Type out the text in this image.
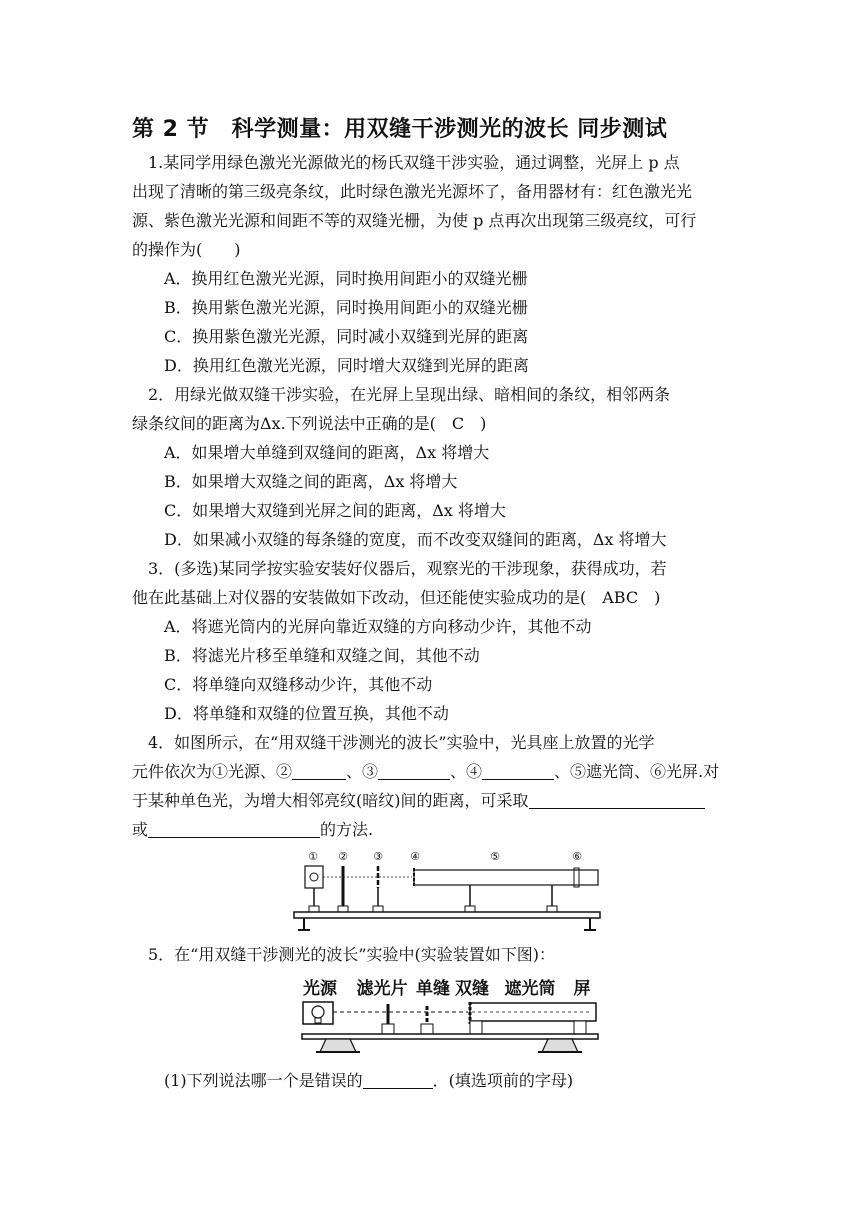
第 2 节　科学测量：用双缝干涉测光的波长 同步测试
1.某同学用绿色激光光源做光的杨氏双缝干涉实验，通过调整，光屏上 p 点
出现了清晰的第三级亮条纹，此时绿色激光光源坏了，备用器材有：红色激光光
源、紫色激光光源和间距不等的双缝光栅，为使 p 点再次出现第三级亮纹，可行
的操作为(　　)
A．换用红色激光光源，同时换用间距小的双缝光栅
B．换用紫色激光光源，同时换用间距小的双缝光栅
C．换用紫色激光光源，同时减小双缝到光屏的距离
D．换用红色激光光源，同时增大双缝到光屏的距离
2．用绿光做双缝干涉实验，在光屏上呈现出绿、暗相间的条纹，相邻两条
绿条纹间的距离为Δx.下列说法中正确的是(　C　)
A．如果增大单缝到双缝间的距离，Δx 将增大
B．如果增大双缝之间的距离，Δx 将增大
C．如果增大双缝到光屏之间的距离，Δx 将增大
D．如果减小双缝的每条缝的宽度，而不改变双缝间的距离，Δx 将增大
3．(多选)某同学按实验安装好仪器后，观察光的干涉现象，获得成功，若
他在此基础上对仪器的安装做如下改动，但还能使实验成功的是(　ABC　)
A．将遮光筒内的光屏向靠近双缝的方向移动少许，其他不动
B．将滤光片移至单缝和双缝之间，其他不动
C．将单缝向双缝移动少许，其他不动
D．将单缝和双缝的位置互换，其他不动
4．如图所示，在“用双缝干涉测光的波长”实验中，光具座上放置的光学
元件依次为①光源、②	、③	、④	、⑤遮光筒、⑥光屏.对
于某种单色光，为增大相邻亮纹(暗纹)间的距离，可采取
或	的方法.
① ② ③ ④	⑤	⑥
5．在“用双缝干涉测光的波长”实验中(实验装置如下图)：
光源 滤光片 单缝 双缝 遮光筒 屏
(1)下列说法哪一个是错误的	．(填选项前的字母)
